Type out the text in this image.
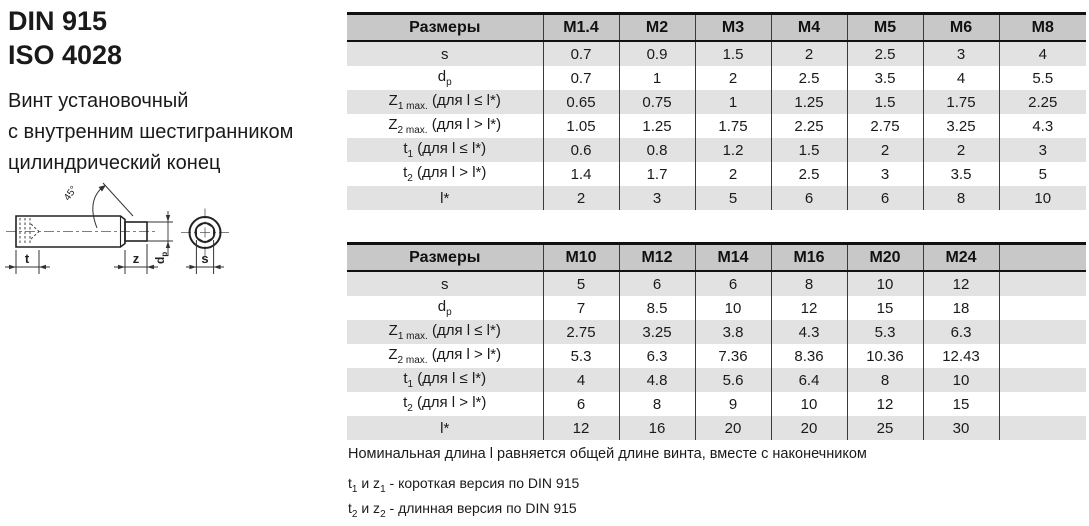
DIN 915
ISO 4028
Винт установочный
с внутренним шестигранником
цилиндрический конец
45°
t	z $d_p$ s
Размеры	M1.4	M2	M3	M4	M5	M6	M8
s	0.7	0.9	1.5	2	2.5	3	4
$d_p$	0.7	1	2	2.5	3.5	4	5.5
$Z_{1 max.}$ (для l ≤ l*)	0.65	0.75	1	1.25	1.5	1.75	2.25
$Z_{2 max.}$ (для l > l*)	1.05	1.25	1.75	2.25	2.75	3.25	4.3
$t_1$ (для l ≤ l*)	0.6	0.8	1.2	1.5	2	2	3
$t_2$ (для l > l*)	1.4	1.7	2	2.5	3	3.5	5
l*	2	3	5	6	6	8	10
Размеры	M10	M12	M14	M16	M20	M24	
s	5	6	6	8	10	12	
$d_p$	7	8.5	10	12	15	18	
$Z_{1 max.}$ (для l ≤ l*)	2.75	3.25	3.8	4.3	5.3	6.3	
$Z_{2 max.}$ (для l > l*)	5.3	6.3	7.36	8.36	10.36	12.43	
$t_1$ (для l ≤ l*)	4	4.8	5.6	6.4	8	10	
$t_2$ (для l > l*)	6	8	9	10	12	15	
l*	12	16	20	20	25	30	
Номинальная длина l равняется общей длине винта, вместе с наконечником
$t_1$ и $z_1$ - короткая версия по DIN 915
$t_2$ и $z_2$ - длинная версия по DIN 915
